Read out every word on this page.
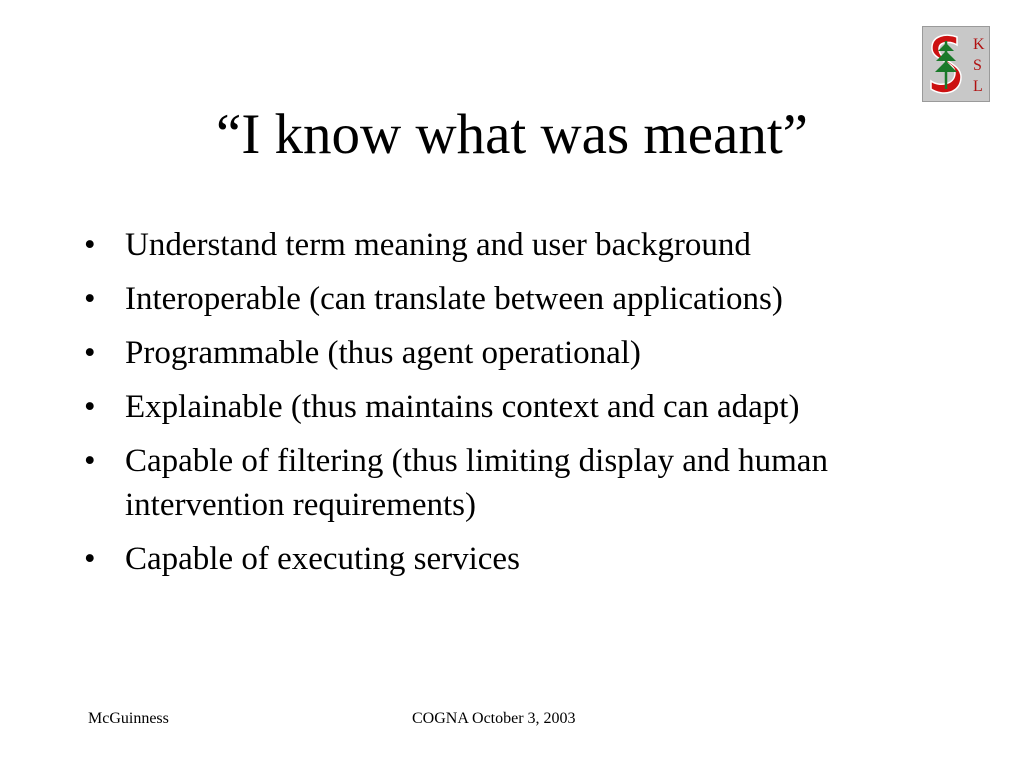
K
S
L
“I know what was meant”
• Understand term meaning and user background
• Interoperable (can translate between applications)
• Programmable (thus agent operational)
• Explainable (thus maintains context and can adapt)
• Capable of filtering (thus limiting display and human intervention requirements)
• Capable of executing services
McGuinness	COGNA October 3, 2003
